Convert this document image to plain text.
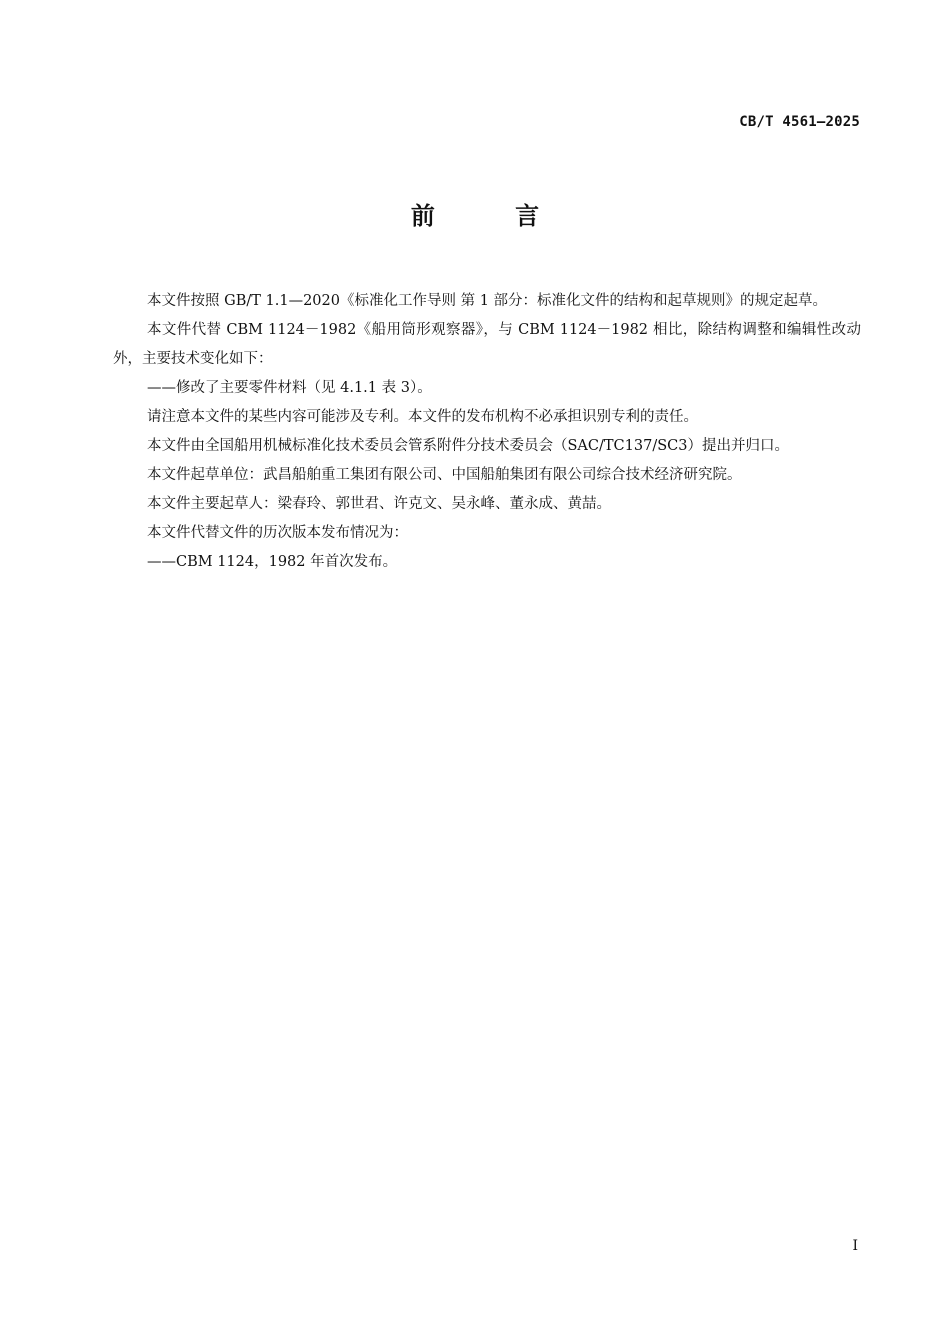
CB/T 4561—2025
前 言

本文件按照 GB/T 1.1—2020《标准化工作导则 第 1 部分：标准化文件的结构和起草规则》的规定起草。

本文件代替 CBM 1124－1982《船用筒形观察器》，与 CBM 1124－1982 相比，除结构调整和编辑性改动外，主要技术变化如下：

——修改了主要零件材料（见 4.1.1 表 3）。

请注意本文件的某些内容可能涉及专利。本文件的发布机构不必承担识别专利的责任。

本文件由全国船用机械标准化技术委员会管系附件分技术委员会（SAC/TC137/SC3）提出并归口。

本文件起草单位：武昌船舶重工集团有限公司、中国船舶集团有限公司综合技术经济研究院。

本文件主要起草人：梁春玲、郭世君、许克文、吴永峰、董永成、黄喆。

本文件代替文件的历次版本发布情况为：

——CBM 1124，1982 年首次发布。

I
